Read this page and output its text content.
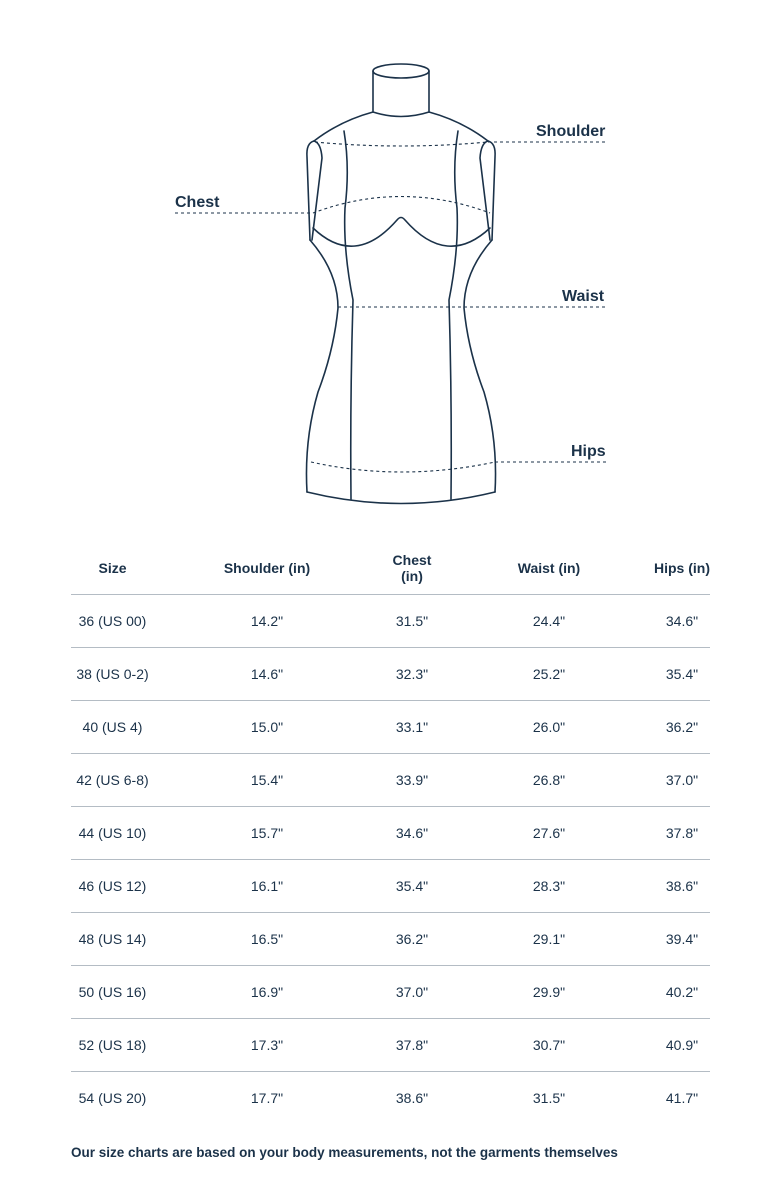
Shoulder
Chest
Waist
Hips
Size	Shoulder (in)	Chest (in)	Waist (in)	Hips (in)
36 (US 00)	14.2"	31.5"	24.4"	34.6"
38 (US 0-2)	14.6"	32.3"	25.2"	35.4"
40 (US 4)	15.0"	33.1"	26.0"	36.2"
42 (US 6-8)	15.4"	33.9"	26.8"	37.0"
44 (US 10)	15.7"	34.6"	27.6"	37.8"
46 (US 12)	16.1"	35.4"	28.3"	38.6"
48 (US 14)	16.5"	36.2"	29.1"	39.4"
50 (US 16)	16.9"	37.0"	29.9"	40.2"
52 (US 18)	17.3"	37.8"	30.7"	40.9"
54 (US 20)	17.7"	38.6"	31.5"	41.7"
Our size charts are based on your body measurements, not the garments themselves
